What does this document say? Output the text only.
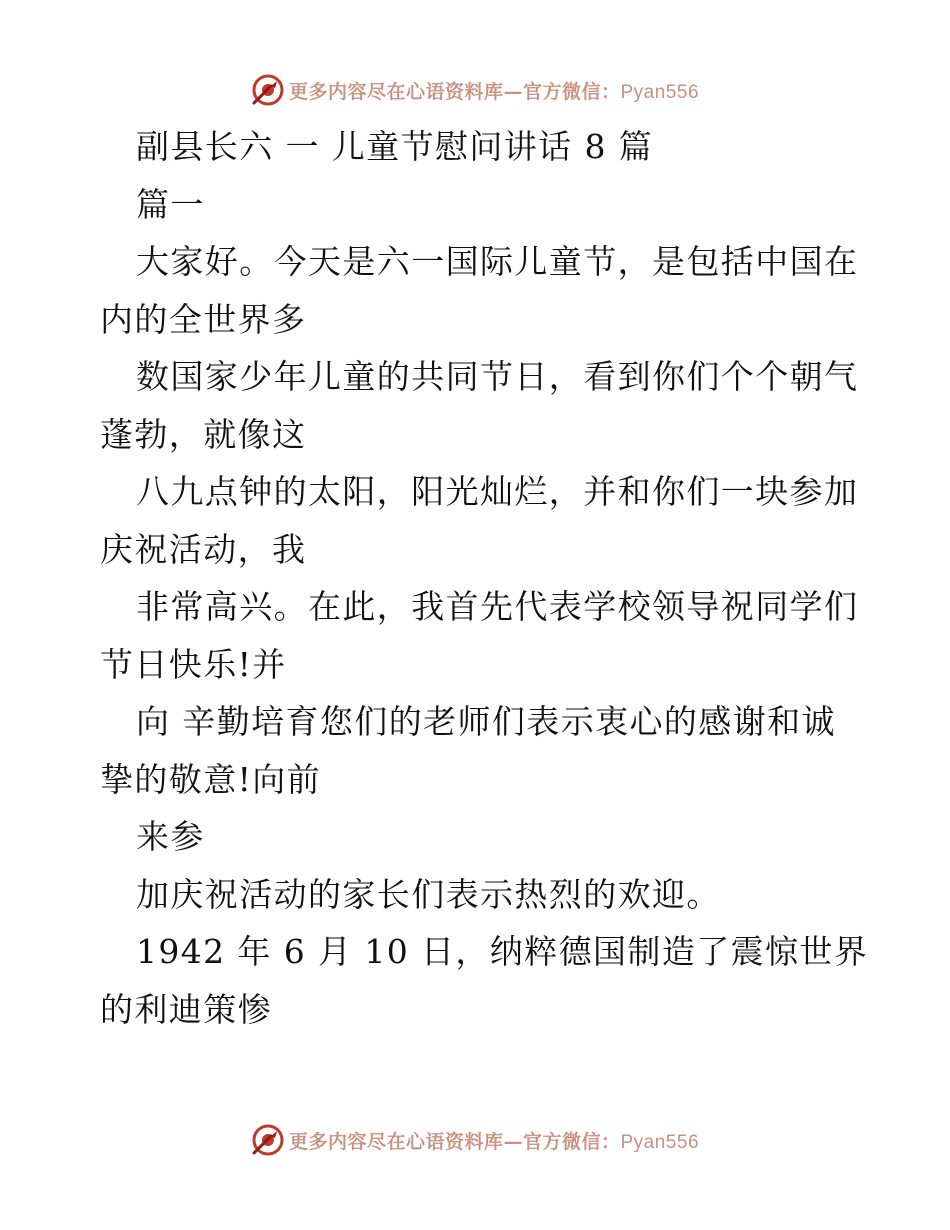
更多内容尽在心语资料库—官方微信：Pyan556
副县长六 一 儿童节慰问讲话 8 篇
篇一
大家好。今天是六一国际儿童节，是包括中国在
内的全世界多
数国家少年儿童的共同节日，看到你们个个朝气
蓬勃，就像这
八九点钟的太阳，阳光灿烂，并和你们一块参加
庆祝活动，我
非常高兴。在此，我首先代表学校领导祝同学们
节日快乐!并
向 辛勤培育您们的老师们表示衷心的感谢和诚
挚的敬意!向前
来参
加庆祝活动的家长们表示热烈的欢迎。
1942 年 6 月 10 日，纳粹德国制造了震惊世界
的利迪策惨
更多内容尽在心语资料库—官方微信：Pyan556
